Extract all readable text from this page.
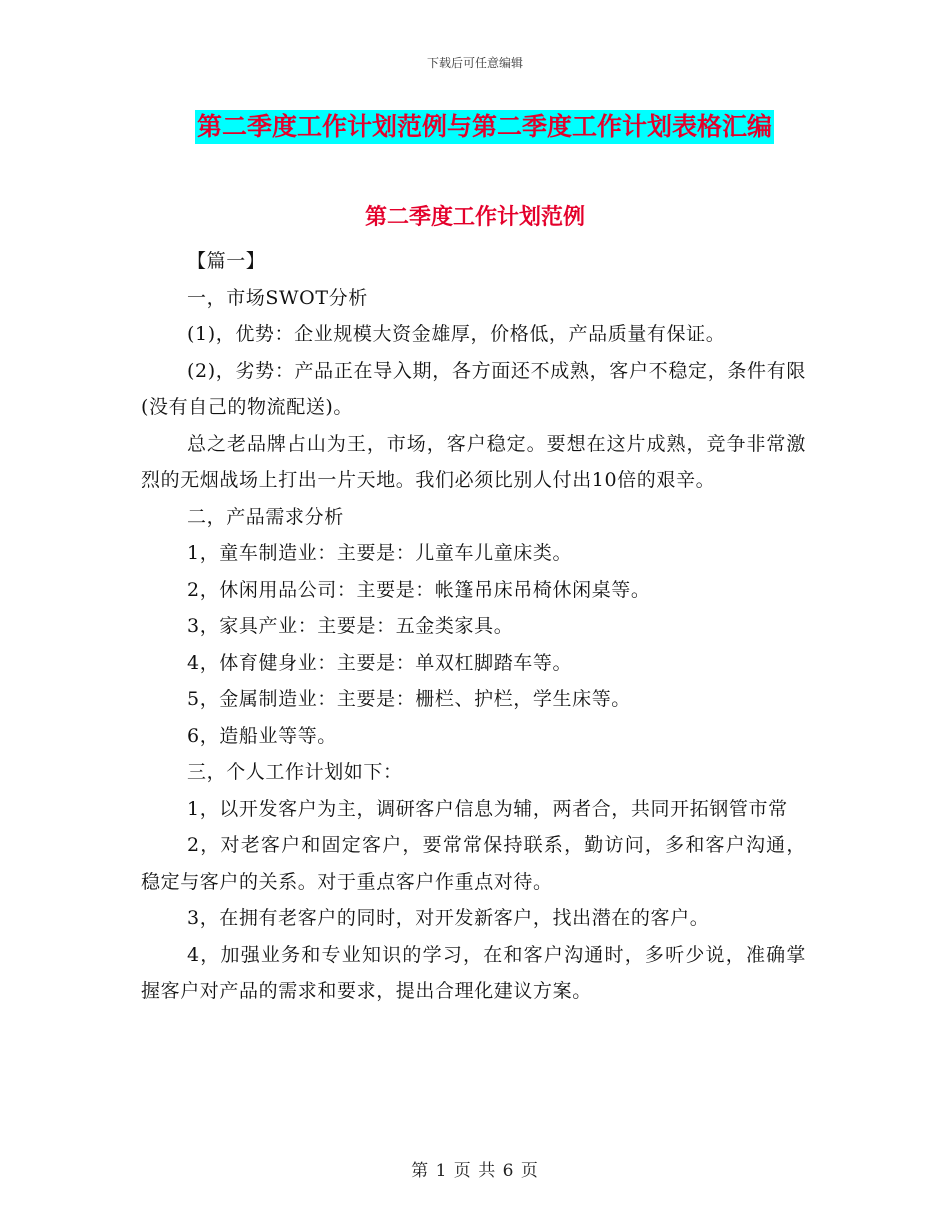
下载后可任意编辑
第二季度工作计划范例与第二季度工作计划表格汇编
第二季度工作计划范例

【篇一】

一，市场SWOT分析

(1)，优势：企业规模大资金雄厚，价格低，产品质量有保证。

(2)，劣势：产品正在导入期，各方面还不成熟，客户不稳定，条件有限(没有自己的物流配送)。

总之老品牌占山为王，市场，客户稳定。要想在这片成熟，竞争非常激烈的无烟战场上打出一片天地。我们必须比别人付出10倍的艰辛。

二，产品需求分析

1，童车制造业：主要是：儿童车儿童床类。

2，休闲用品公司：主要是：帐篷吊床吊椅休闲桌等。

3，家具产业：主要是：五金类家具。

4，体育健身业：主要是：单双杠脚踏车等。

5，金属制造业：主要是：栅栏、护栏，学生床等。

6，造船业等等。

三，个人工作计划如下：

1，以开发客户为主，调研客户信息为辅，两者合，共同开拓钢管市常

2，对老客户和固定客户，要常常保持联系，勤访问，多和客户沟通，稳定与客户的关系。对于重点客户作重点对待。

3，在拥有老客户的同时，对开发新客户，找出潜在的客户。

4，加强业务和专业知识的学习，在和客户沟通时，多听少说，准确掌握客户对产品的需求和要求，提出合理化建议方案。

第 1 页 共 6 页
